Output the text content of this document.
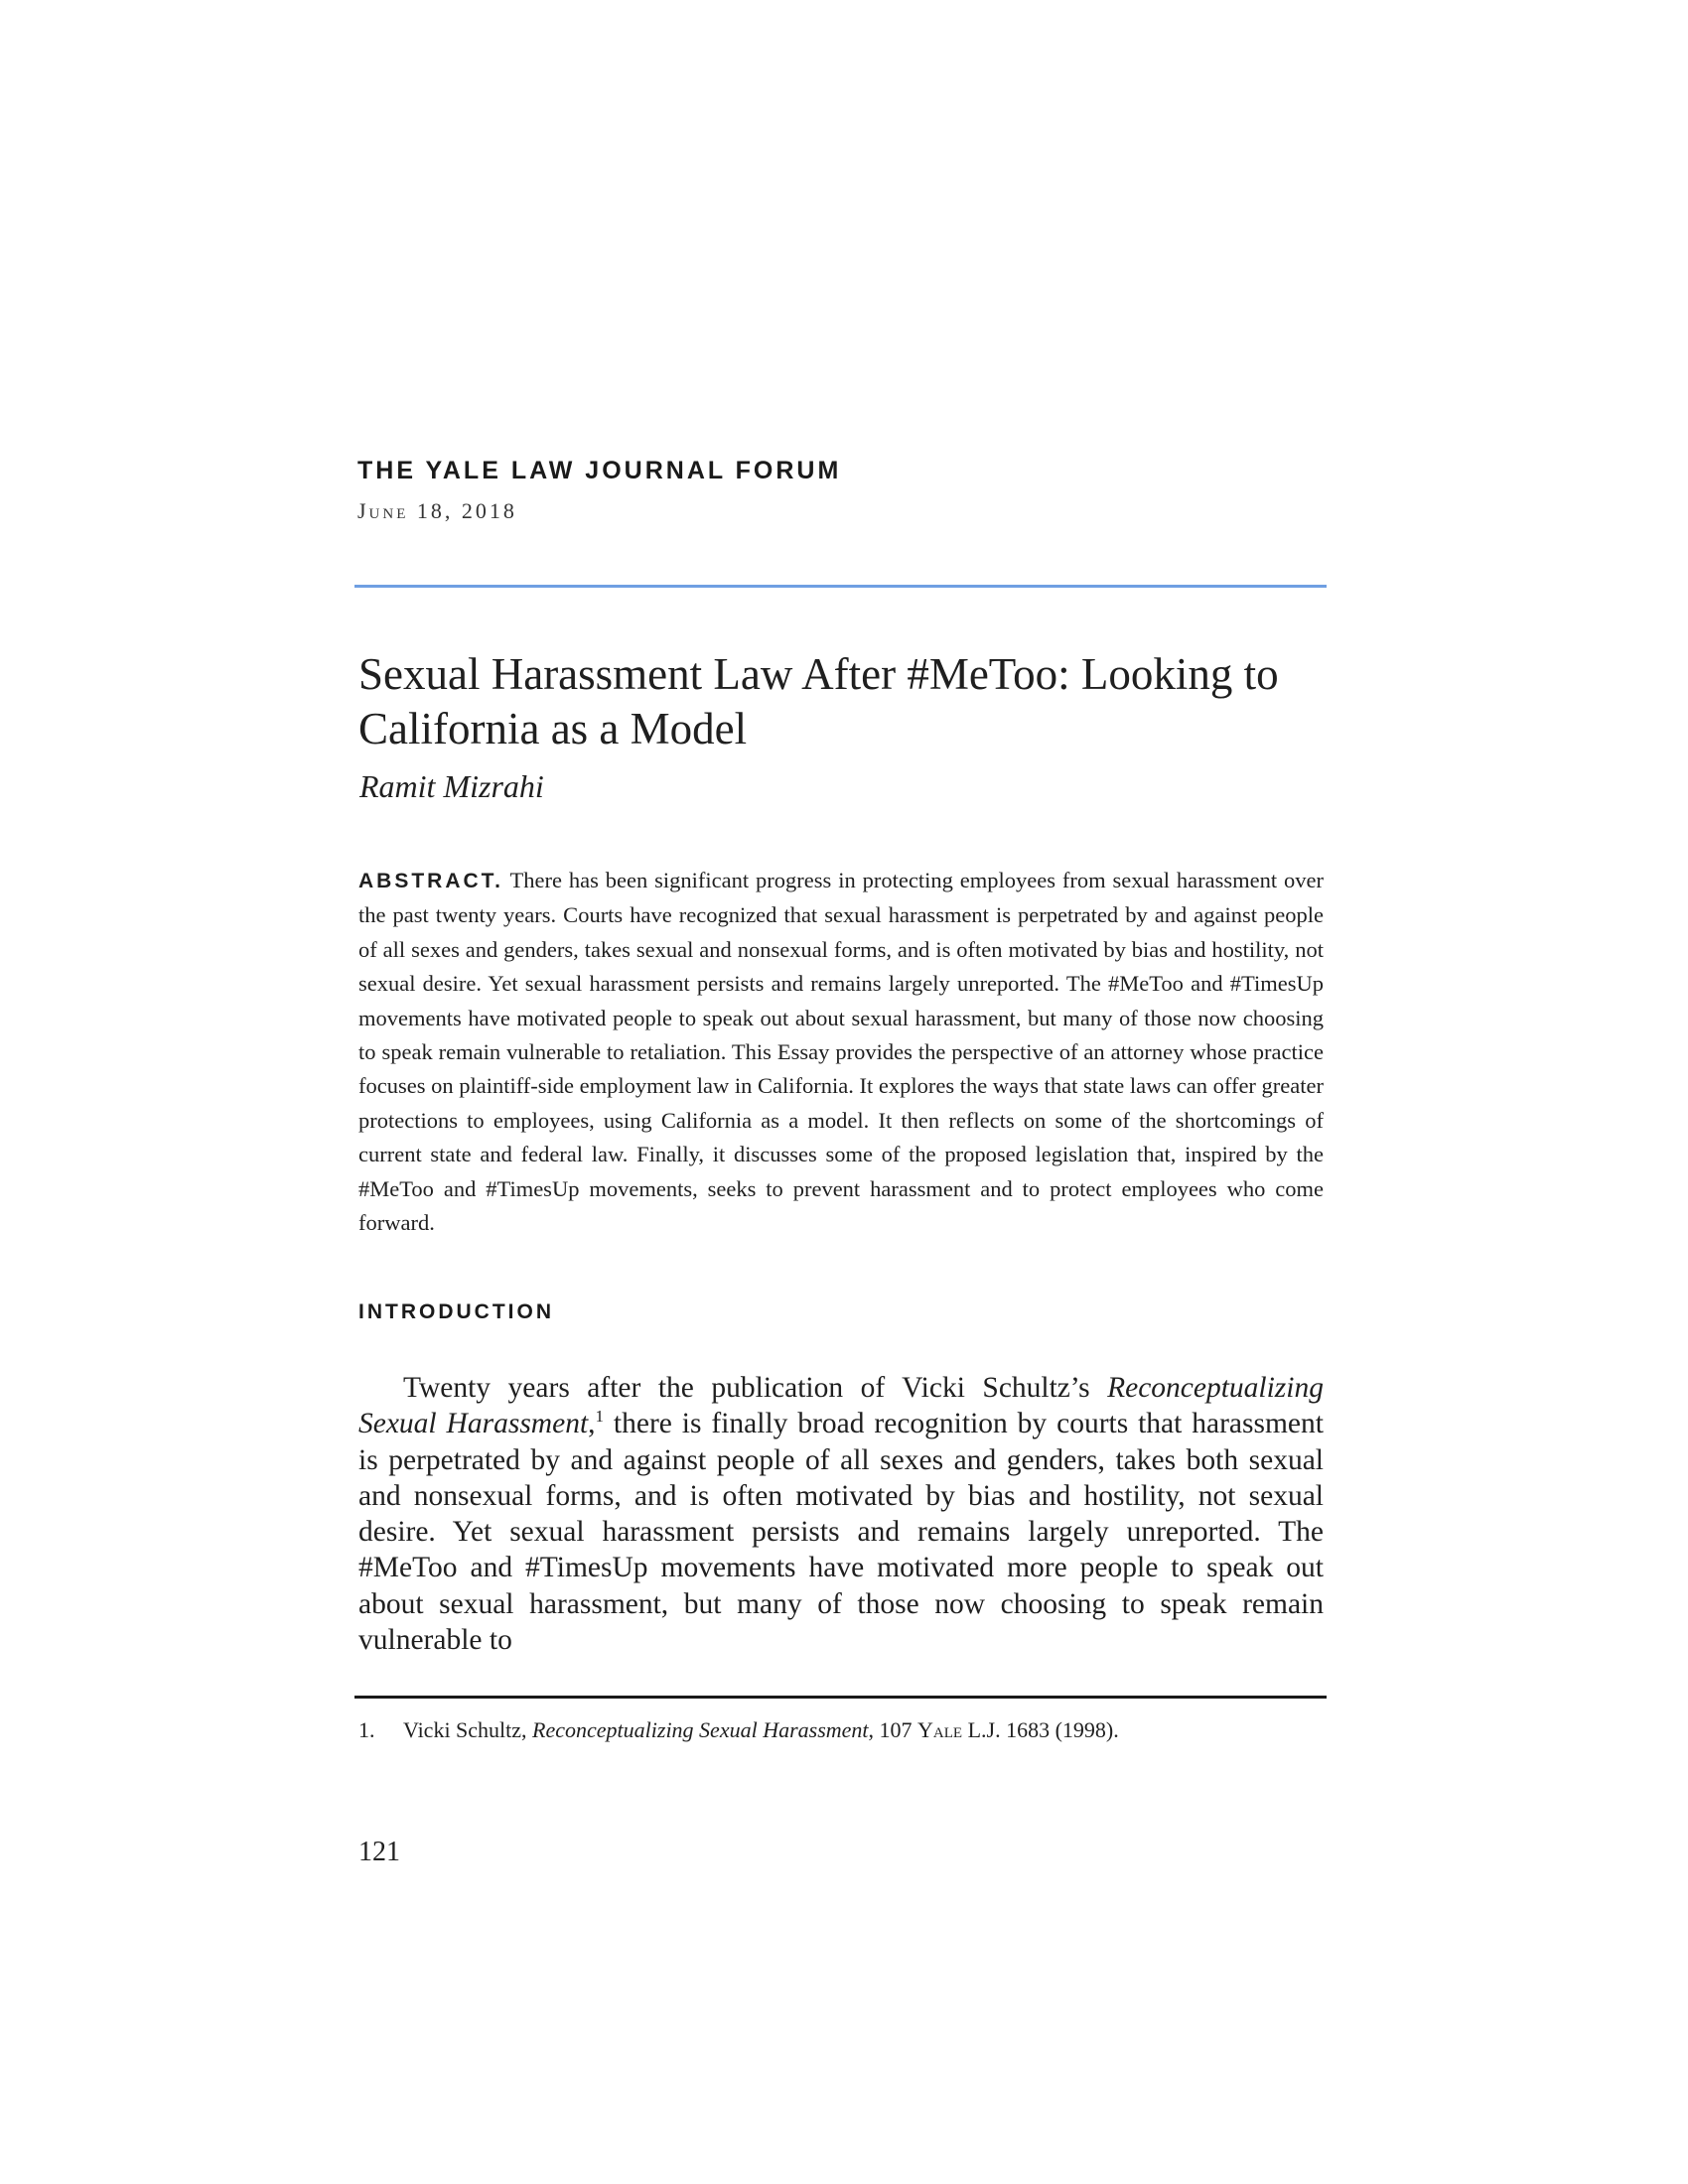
THE YALE LAW JOURNAL FORUM
June 18, 2018
Sexual Harassment Law After #MeToo: Looking to California as a Model
Ramit Mizrahi
ABSTRACT. There has been significant progress in protecting employees from sexual harassment over the past twenty years. Courts have recognized that sexual harassment is perpetrated by and against people of all sexes and genders, takes sexual and nonsexual forms, and is often motivated by bias and hostility, not sexual desire. Yet sexual harassment persists and remains largely unreported. The #MeToo and #TimesUp movements have motivated people to speak out about sexual harassment, but many of those now choosing to speak remain vulnerable to retaliation. This Essay provides the perspective of an attorney whose practice focuses on plaintiff-side employment law in California. It explores the ways that state laws can offer greater protections to employees, using California as a model. It then reflects on some of the shortcomings of current state and federal law. Finally, it discusses some of the proposed legislation that, inspired by the #MeToo and #TimesUp movements, seeks to prevent harassment and to protect employees who come forward.
INTRODUCTION
Twenty years after the publication of Vicki Schultz’s Reconceptualizing Sexual Harassment,$^1$ there is finally broad recognition by courts that harassment is perpetrated by and against people of all sexes and genders, takes both sexual and nonsexual forms, and is often motivated by bias and hostility, not sexual desire. Yet sexual harassment persists and remains largely unreported. The #MeToo and #TimesUp movements have motivated more people to speak out about sexual harassment, but many of those now choosing to speak remain vulnerable to
1. Vicki Schultz, Reconceptualizing Sexual Harassment, 107 Yale L.J. 1683 (1998).
121
